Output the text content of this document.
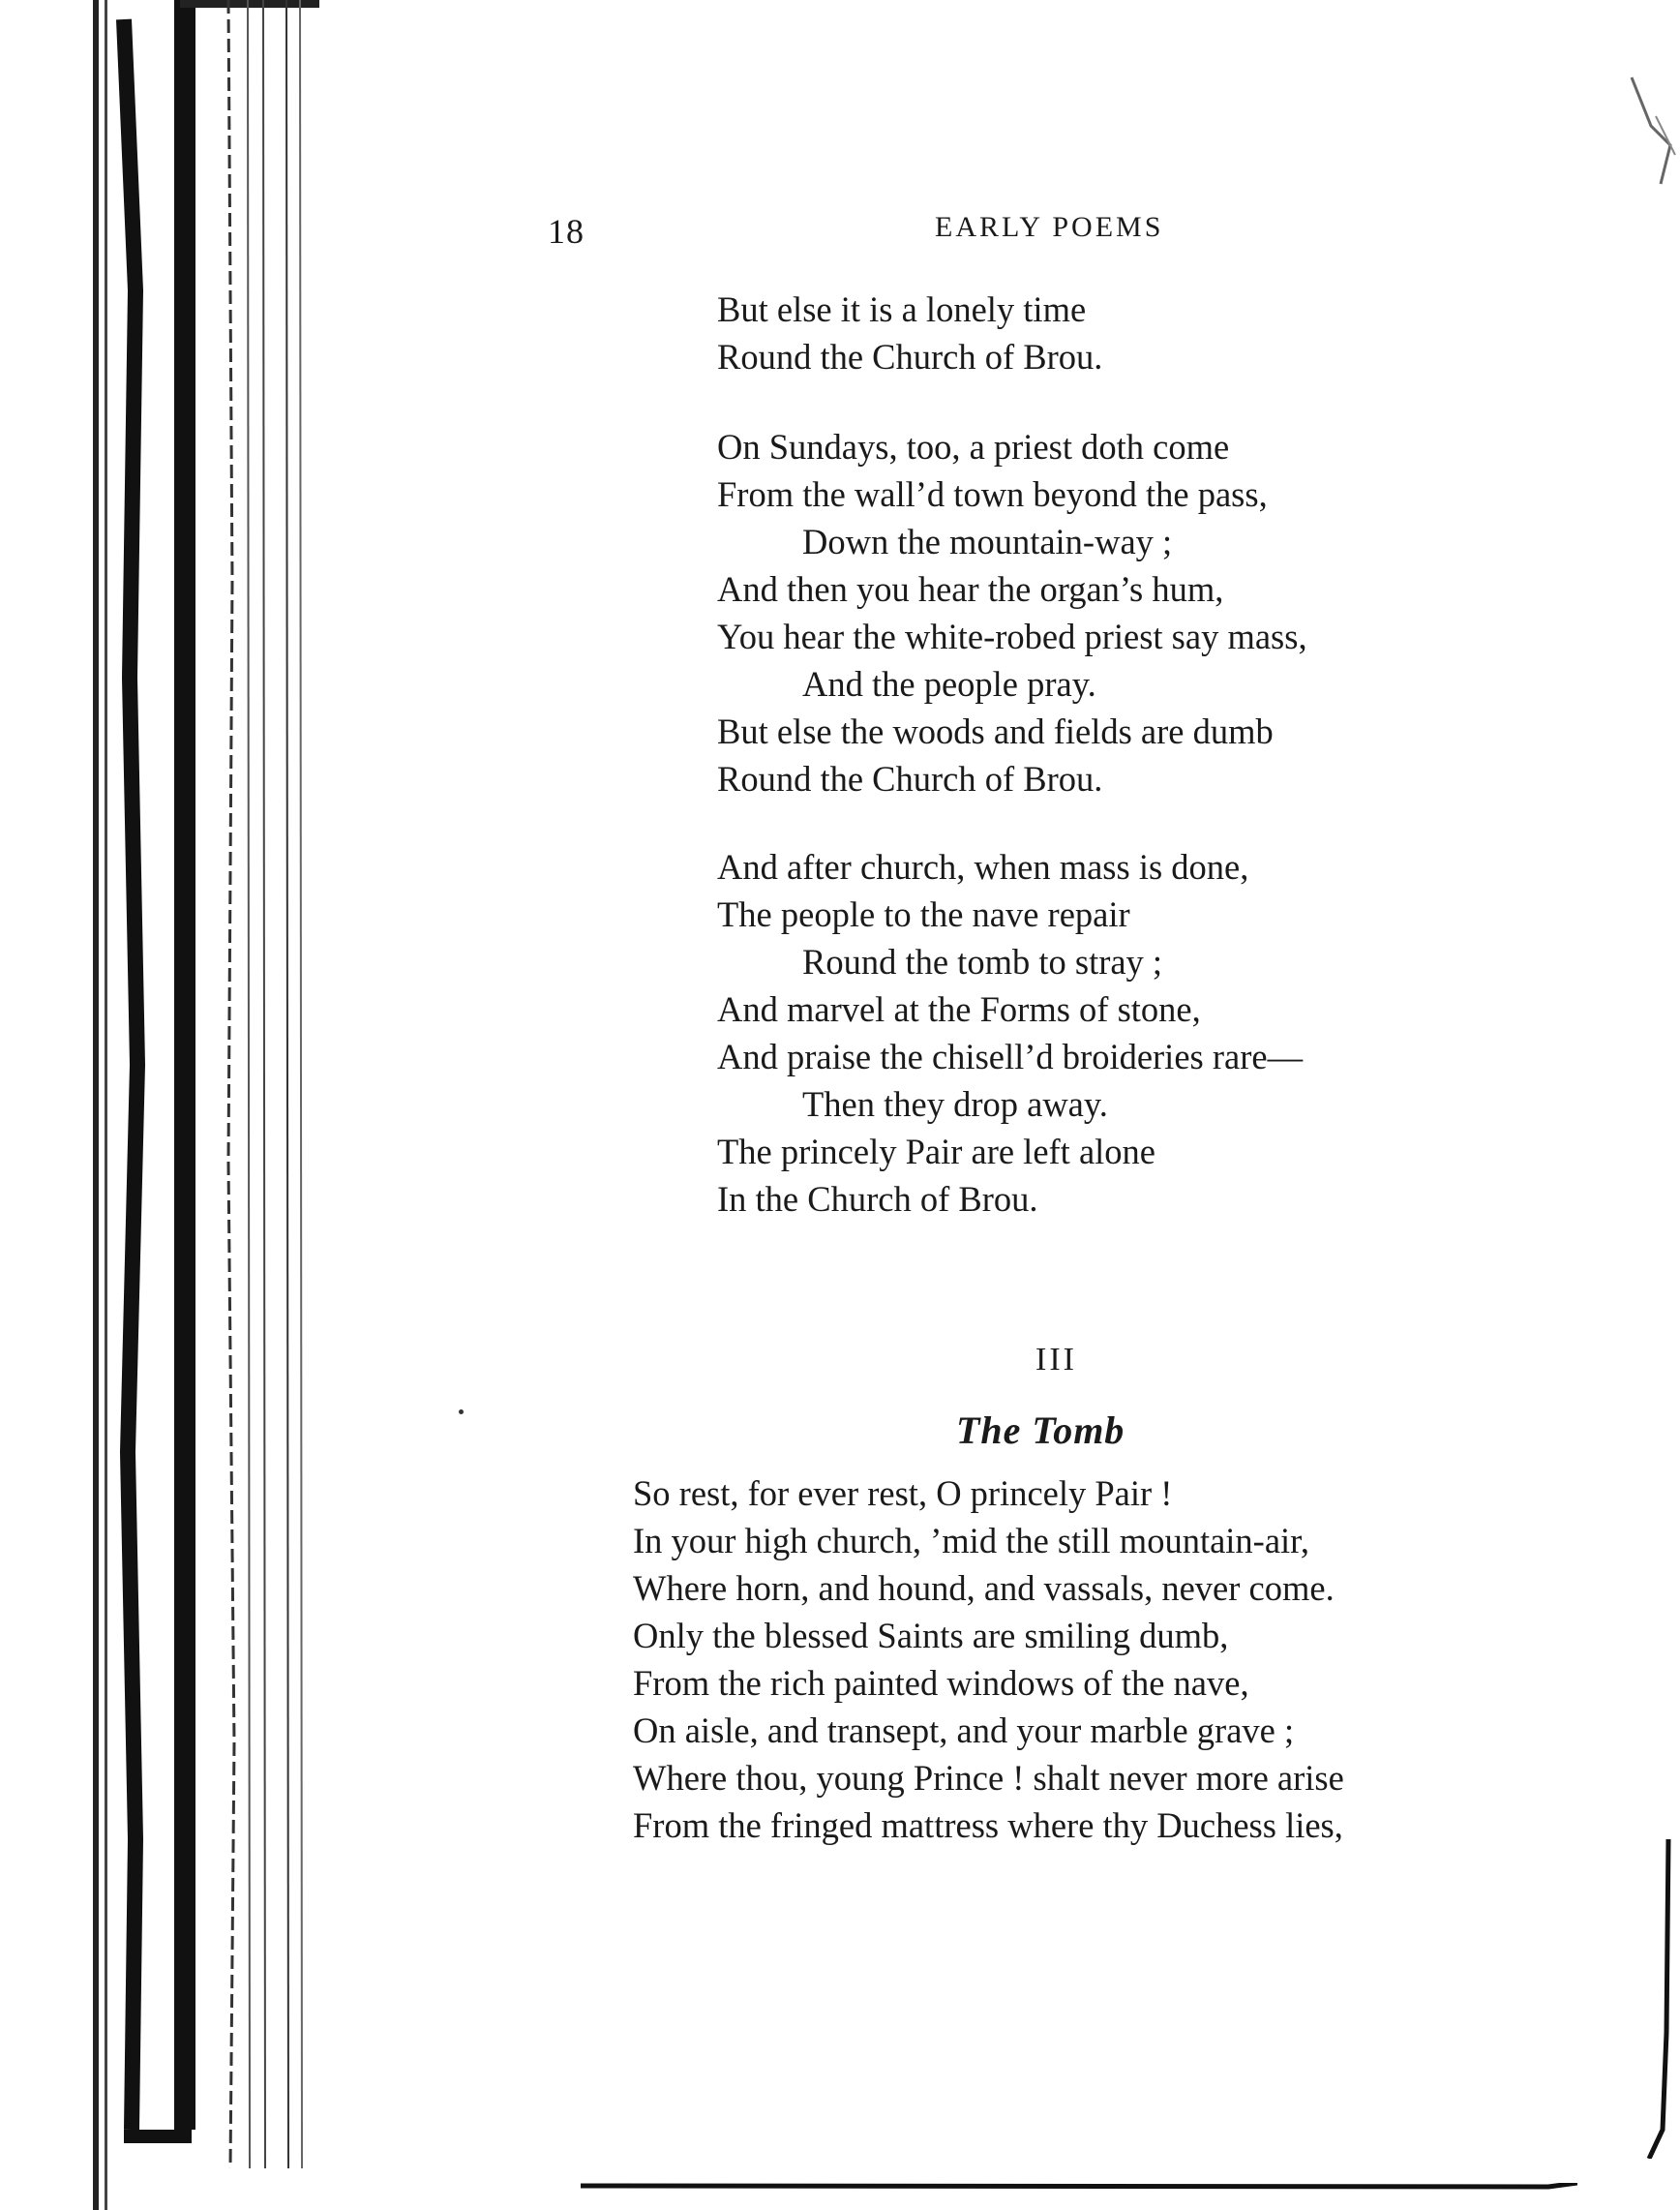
18	EARLY POEMS
But else it is a lonely time
Round the Church of Brou.
On Sundays, too, a priest doth come
From the wall’d town beyond the pass,
Down the mountain-way ;
And then you hear the organ’s hum,
You hear the white-robed priest say mass,
And the people pray.
But else the woods and fields are dumb
Round the Church of Brou.
And after church, when mass is done,
The people to the nave repair
Round the tomb to stray ;
And marvel at the Forms of stone,
And praise the chisell’d broideries rare—
Then they drop away.
The princely Pair are left alone
In the Church of Brou.
III
The Tomb
So rest, for ever rest, O princely Pair !
In your high church, ’mid the still mountain-air,
Where horn, and hound, and vassals, never come.
Only the blessed Saints are smiling dumb,
From the rich painted windows of the nave,
On aisle, and transept, and your marble grave ;
Where thou, young Prince ! shalt never more arise
From the fringed mattress where thy Duchess lies,
